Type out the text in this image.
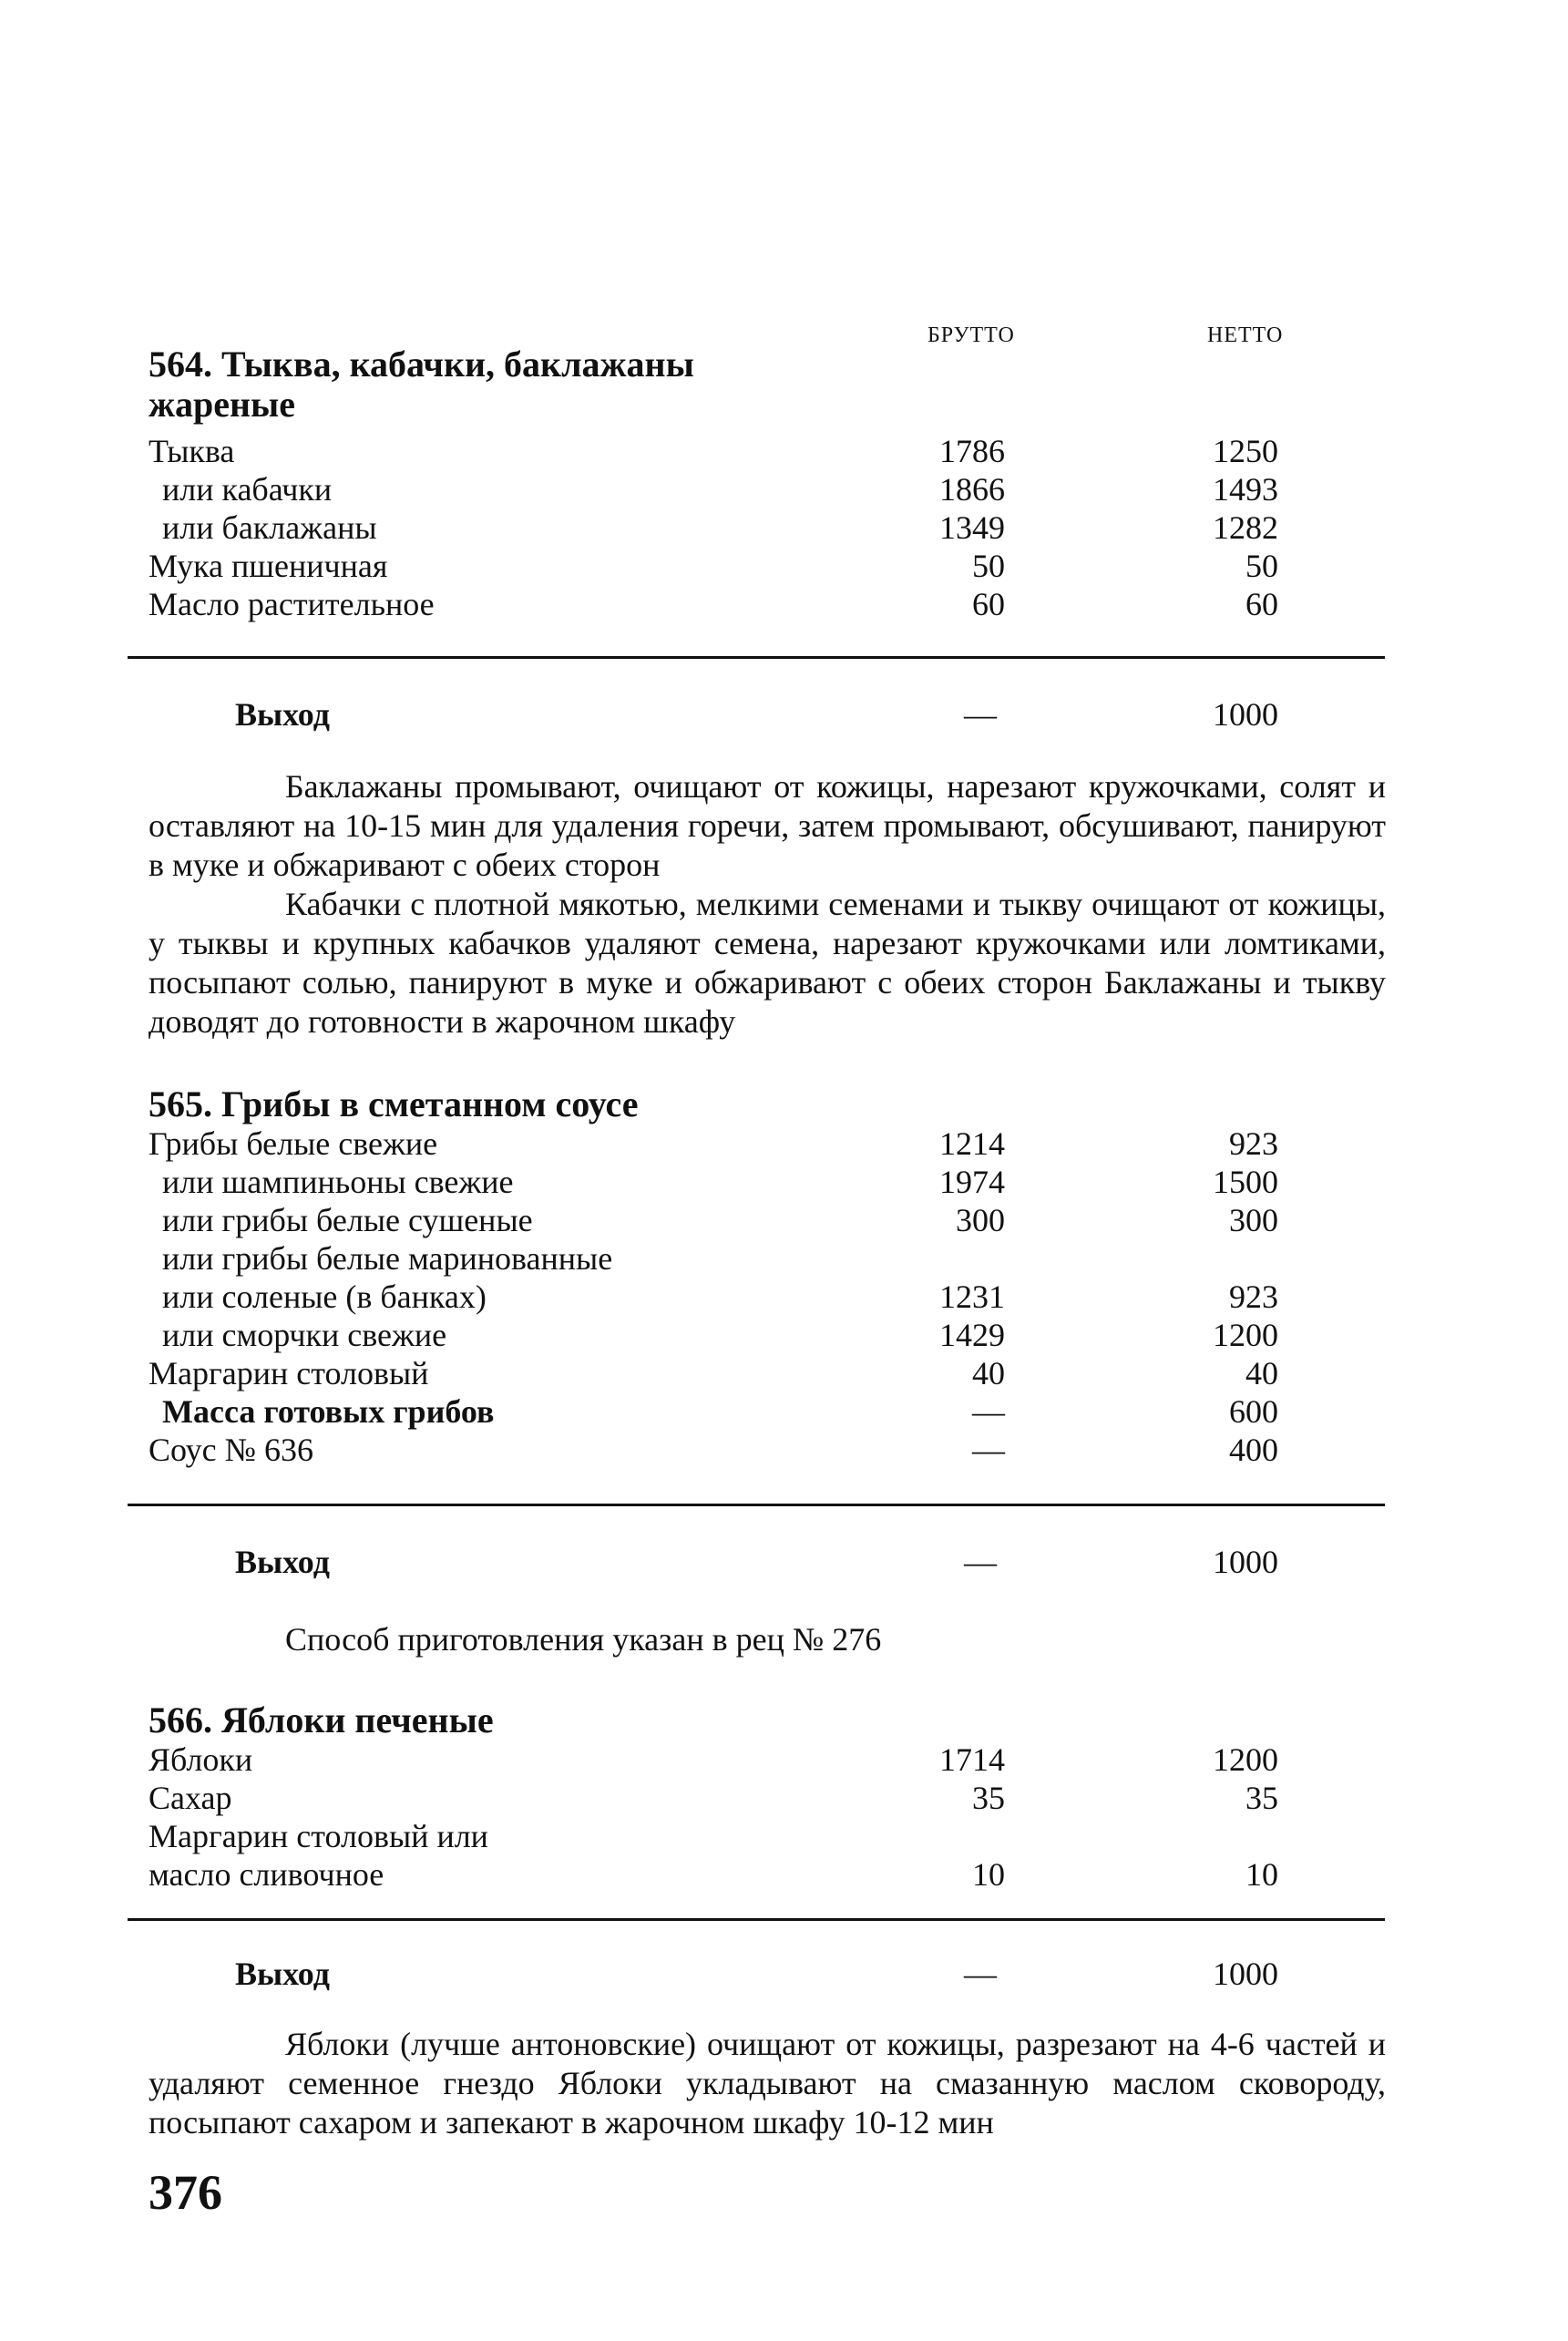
БРУТТО	НЕТТО
564. Тыква, кабачки, баклажаны жареные
Тыква	1786	1250
или кабачки	1866	1493
или баклажаны	1349	1282
Мука пшеничная	50	50
Масло растительное	60	60
Выход	—	1000

Баклажаны промывают, очищают от кожицы, нарезают кружочками, солят и оставляют на 10-15 мин для удаления горечи, затем промывают, обсушивают, панируют в муке и обжаривают с обеих сторон

Кабачки с плотной мякотью, мелкими семенами и тыкву очищают от кожицы, у тыквы и крупных кабачков удаляют семена, нарезают кружочками или ломтиками, посыпают солью, панируют в муке и обжаривают с обеих сторон Баклажаны и тыкву доводят до готовности в жарочном шкафу

565. Грибы в сметанном соусе
Грибы белые свежие	1214	923
или шампиньоны свежие	1974	1500
или грибы белые сушеные	300	300
или грибы белые маринованные
или соленые (в банках)	1231	923
или сморчки свежие	1429	1200
Маргарин столовый	40	40
Масса готовых грибов	—	600
Соус № 636	—	400
Выход	—	1000

Способ приготовления указан в рец № 276

566. Яблоки печеные
Яблоки	1714	1200
Сахар	35	35
Маргарин столовый или
масло сливочное	10	10
Выход	—	1000

Яблоки (лучше антоновские) очищают от кожицы, разрезают на 4-6 частей и удаляют семенное гнездо Яблоки укладывают на смазанную маслом сковороду, посыпают сахаром и запекают в жарочном шкафу 10-12 мин

376
